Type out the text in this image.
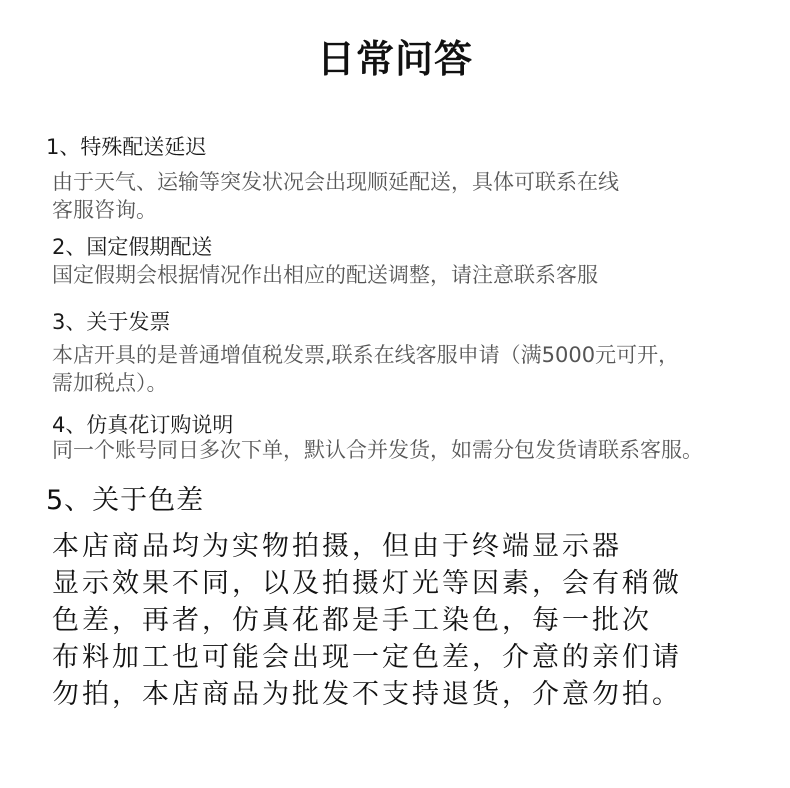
日常问答
1、特殊配送延迟
由于天气、运输等突发状况会出现顺延配送，具体可联系在线
客服咨询。
2、国定假期配送
国定假期会根据情况作出相应的配送调整，请注意联系客服
3、关于发票
本店开具的是普通增值税发票,联系在线客服申请（满5000元可开，
需加税点）。
4、仿真花订购说明
同一个账号同日多次下单，默认合并发货，如需分包发货请联系客服。
5、关于色差
本店商品均为实物拍摄，但由于终端显示器
显示效果不同，以及拍摄灯光等因素，会有稍微
色差，再者，仿真花都是手工染色，每一批次
布料加工也可能会出现一定色差，介意的亲们请
勿拍，本店商品为批发不支持退货，介意勿拍。
